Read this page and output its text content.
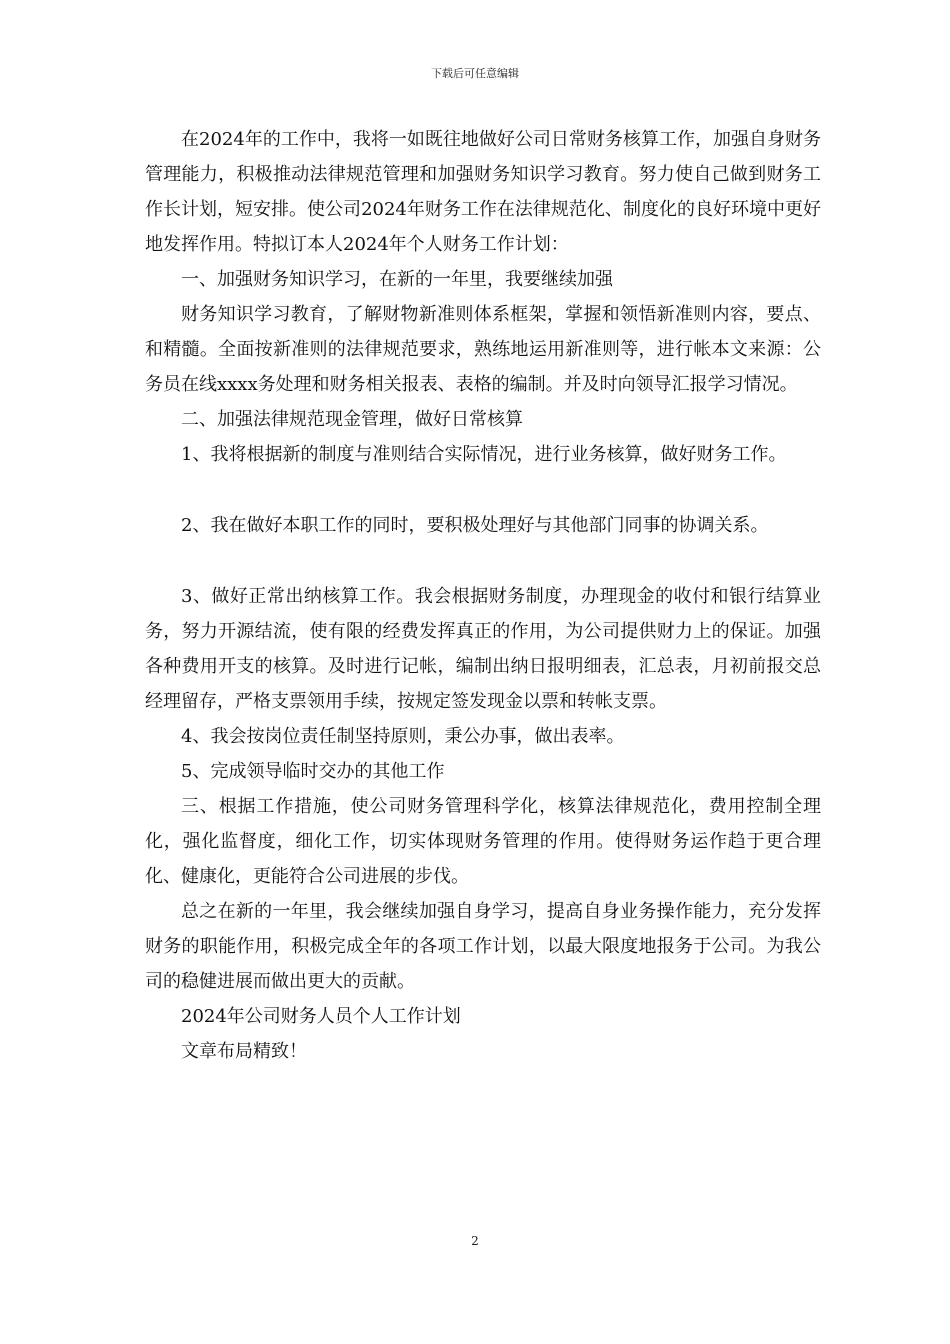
下载后可任意编辑

在2024年的工作中，我将一如既往地做好公司日常财务核算工作，加强自身财务管理能力，积极推动法律规范管理和加强财务知识学习教育。努力使自己做到财务工作长计划，短安排。使公司2024年财务工作在法律规范化、制度化的良好环境中更好地发挥作用。特拟订本人2024年个人财务工作计划：

一、加强财务知识学习，在新的一年里，我要继续加强

财务知识学习教育，了解财物新准则体系框架，掌握和领悟新准则内容，要点、和精髓。全面按新准则的法律规范要求，熟练地运用新准则等，进行帐本文来源：公务员在线xxxx务处理和财务相关报表、表格的编制。并及时向领导汇报学习情况。

二、加强法律规范现金管理，做好日常核算

1、我将根据新的制度与准则结合实际情况，进行业务核算，做好财务工作。

2、我在做好本职工作的同时，要积极处理好与其他部门同事的协调关系。

3、做好正常出纳核算工作。我会根据财务制度，办理现金的收付和银行结算业务，努力开源结流，使有限的经费发挥真正的作用，为公司提供财力上的保证。加强各种费用开支的核算。及时进行记帐，编制出纳日报明细表，汇总表，月初前报交总经理留存，严格支票领用手续，按规定签发现金以票和转帐支票。

4、我会按岗位责任制坚持原则，秉公办事，做出表率。

5、完成领导临时交办的其他工作

三、根据工作措施，使公司财务管理科学化，核算法律规范化，费用控制全理化，强化监督度，细化工作，切实体现财务管理的作用。使得财务运作趋于更合理化、健康化，更能符合公司进展的步伐。

总之在新的一年里，我会继续加强自身学习，提高自身业务操作能力，充分发挥财务的职能作用，积极完成全年的各项工作计划，以最大限度地报务于公司。为我公司的稳健进展而做出更大的贡献。

2024年公司财务人员个人工作计划

文章布局精致！

2
